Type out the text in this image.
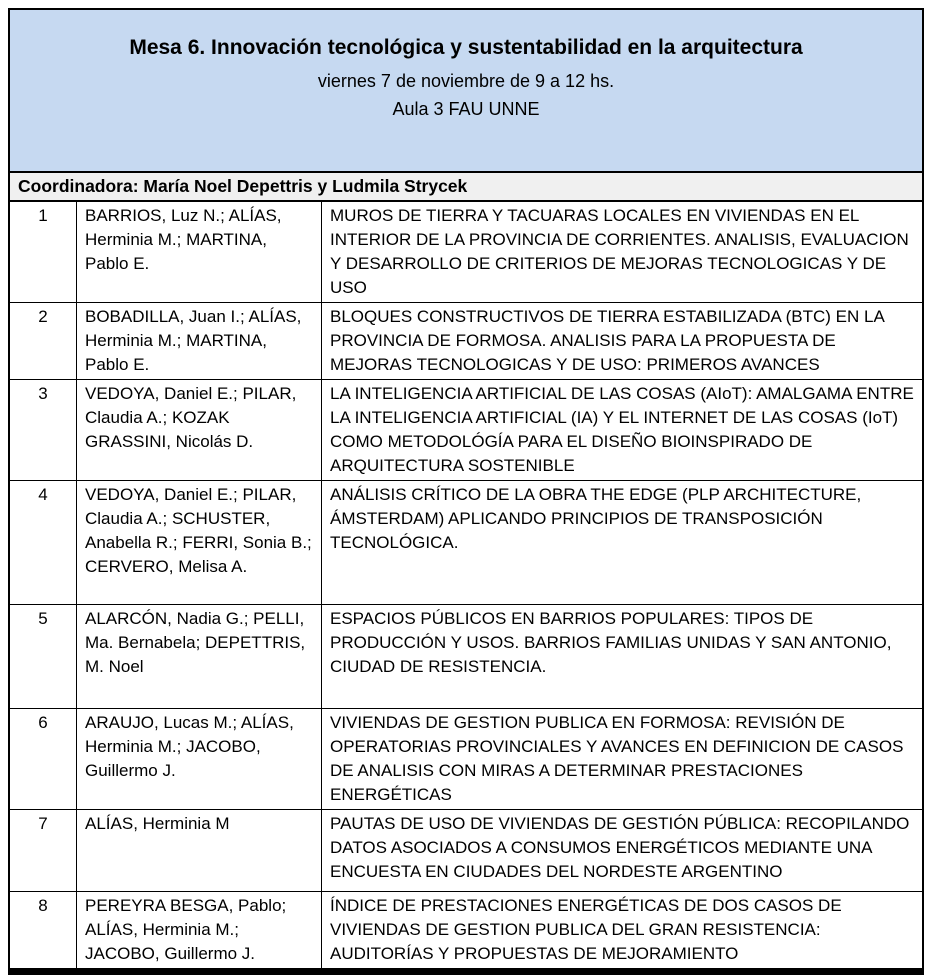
Mesa 6. Innovación tecnológica y sustentabilidad en la arquitectura
viernes 7 de noviembre de 9 a 12 hs.
Aula 3 FAU UNNE
Coordinadora: María Noel Depettris y Ludmila Strycek
1	BARRIOS, Luz N.; ALÍAS, Herminia M.; MARTINA, Pablo E.	MUROS DE TIERRA Y TACUARAS LOCALES EN VIVIENDAS EN EL INTERIOR DE LA PROVINCIA DE CORRIENTES. ANALISIS, EVALUACION Y DESARROLLO DE CRITERIOS DE MEJORAS TECNOLOGICAS Y DE USO
2	BOBADILLA, Juan I.; ALÍAS, Herminia M.; MARTINA, Pablo E.	BLOQUES CONSTRUCTIVOS DE TIERRA ESTABILIZADA (BTC) EN LA PROVINCIA DE FORMOSA. ANALISIS PARA LA PROPUESTA DE MEJORAS TECNOLOGICAS Y DE USO: PRIMEROS AVANCES
3	VEDOYA, Daniel E.; PILAR, Claudia A.; KOZAK GRASSINI, Nicolás D.	LA INTELIGENCIA ARTIFICIAL DE LAS COSAS (AIoT): AMALGAMA ENTRE LA INTELIGENCIA ARTIFICIAL (IA) Y EL INTERNET DE LAS COSAS (IoT) COMO METODOLÓGÍA PARA EL DISEÑO BIOINSPIRADO DE ARQUITECTURA SOSTENIBLE
4	VEDOYA, Daniel E.; PILAR, Claudia A.; SCHUSTER, Anabella R.; FERRI, Sonia B.; CERVERO, Melisa A.	ANÁLISIS CRÍTICO DE LA OBRA THE EDGE (PLP ARCHITECTURE, ÁMSTERDAM) APLICANDO PRINCIPIOS DE TRANSPOSICIÓN TECNOLÓGICA.
5	ALARCÓN, Nadia G.; PELLI, Ma. Bernabela; DEPETTRIS, M. Noel	ESPACIOS PÚBLICOS EN BARRIOS POPULARES: TIPOS DE PRODUCCIÓN Y USOS. BARRIOS FAMILIAS UNIDAS Y SAN ANTONIO, CIUDAD DE RESISTENCIA.
6	ARAUJO, Lucas M.; ALÍAS, Herminia M.; JACOBO, Guillermo J.	VIVIENDAS DE GESTION PUBLICA EN FORMOSA: REVISIÓN DE OPERATORIAS PROVINCIALES Y AVANCES EN DEFINICION DE CASOS DE ANALISIS CON MIRAS A DETERMINAR PRESTACIONES ENERGÉTICAS
7	ALÍAS, Herminia M	PAUTAS DE USO DE VIVIENDAS DE GESTIÓN PÚBLICA: RECOPILANDO DATOS ASOCIADOS A CONSUMOS ENERGÉTICOS MEDIANTE UNA ENCUESTA EN CIUDADES DEL NORDESTE ARGENTINO
8	PEREYRA BESGA, Pablo; ALÍAS, Herminia M.; JACOBO, Guillermo J.	ÍNDICE DE PRESTACIONES ENERGÉTICAS DE DOS CASOS DE VIVIENDAS DE GESTION PUBLICA DEL GRAN RESISTENCIA: AUDITORÍAS Y PROPUESTAS DE MEJORAMIENTO
